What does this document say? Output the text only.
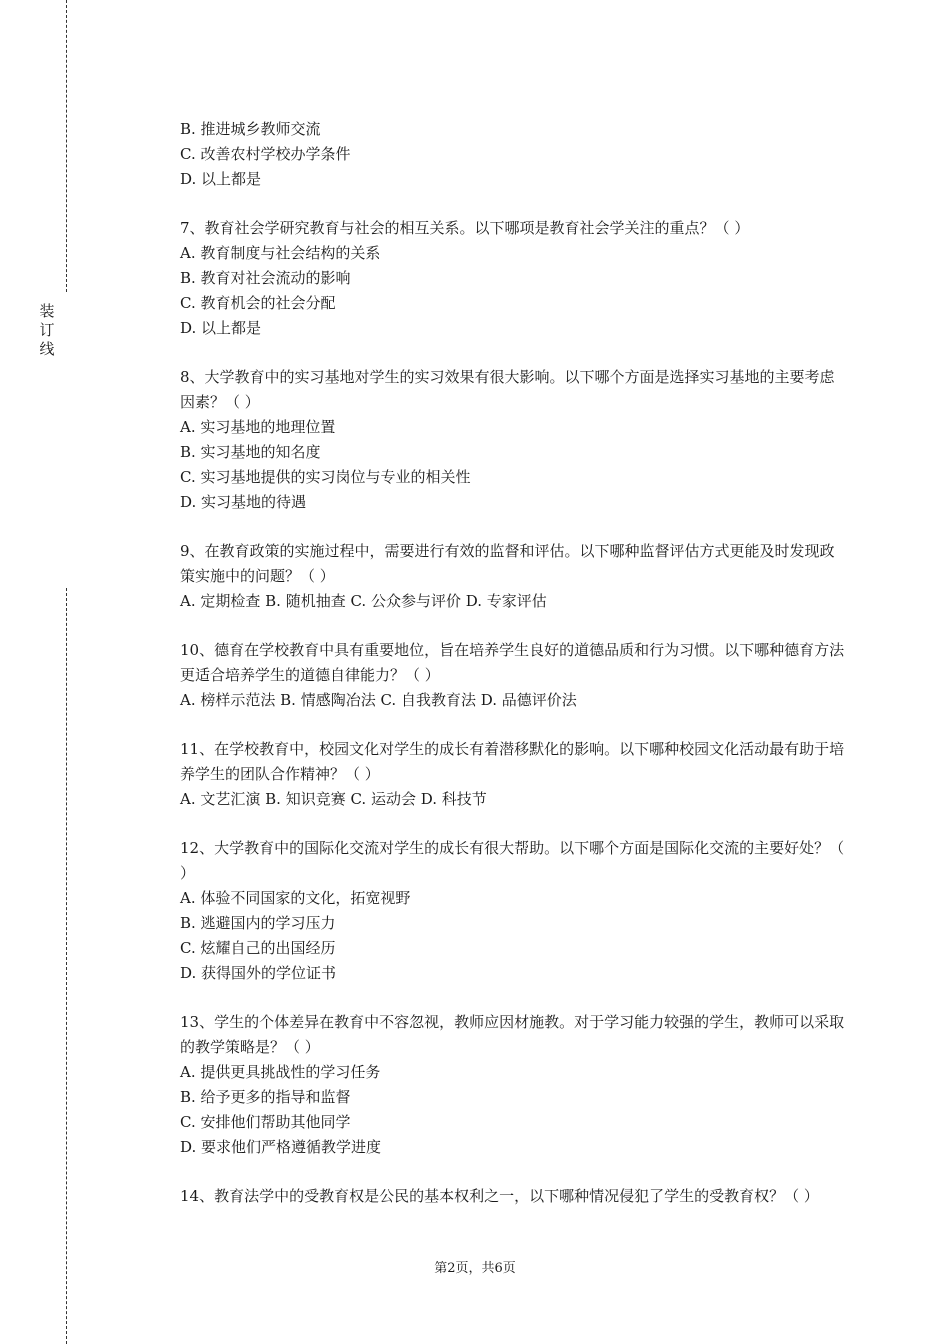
装订线
B. 推进城乡教师交流
C. 改善农村学校办学条件
D. 以上都是
7、教育社会学研究教育与社会的相互关系。以下哪项是教育社会学关注的重点？（ ）
A. 教育制度与社会结构的关系
B. 教育对社会流动的影响
C. 教育机会的社会分配
D. 以上都是
8、大学教育中的实习基地对学生的实习效果有很大影响。以下哪个方面是选择实习基地的主要考虑因素？（ ）
A. 实习基地的地理位置
B. 实习基地的知名度
C. 实习基地提供的实习岗位与专业的相关性
D. 实习基地的待遇
9、在教育政策的实施过程中，需要进行有效的监督和评估。以下哪种监督评估方式更能及时发现政策实施中的问题？（ ）
A. 定期检查 B. 随机抽查 C. 公众参与评价 D. 专家评估
10、德育在学校教育中具有重要地位，旨在培养学生良好的道德品质和行为习惯。以下哪种德育方法更适合培养学生的道德自律能力？（ ）
A. 榜样示范法 B. 情感陶冶法 C. 自我教育法 D. 品德评价法
11、在学校教育中，校园文化对学生的成长有着潜移默化的影响。以下哪种校园文化活动最有助于培养学生的团队合作精神？（ ）
A. 文艺汇演 B. 知识竞赛 C. 运动会 D. 科技节
12、大学教育中的国际化交流对学生的成长有很大帮助。以下哪个方面是国际化交流的主要好处？（ ）
A. 体验不同国家的文化，拓宽视野
B. 逃避国内的学习压力
C. 炫耀自己的出国经历
D. 获得国外的学位证书
13、学生的个体差异在教育中不容忽视，教师应因材施教。对于学习能力较强的学生，教师可以采取的教学策略是？（ ）
A. 提供更具挑战性的学习任务
B. 给予更多的指导和监督
C. 安排他们帮助其他同学
D. 要求他们严格遵循教学进度
14、教育法学中的受教育权是公民的基本权利之一，以下哪种情况侵犯了学生的受教育权？（ ）
第2页，共6页
